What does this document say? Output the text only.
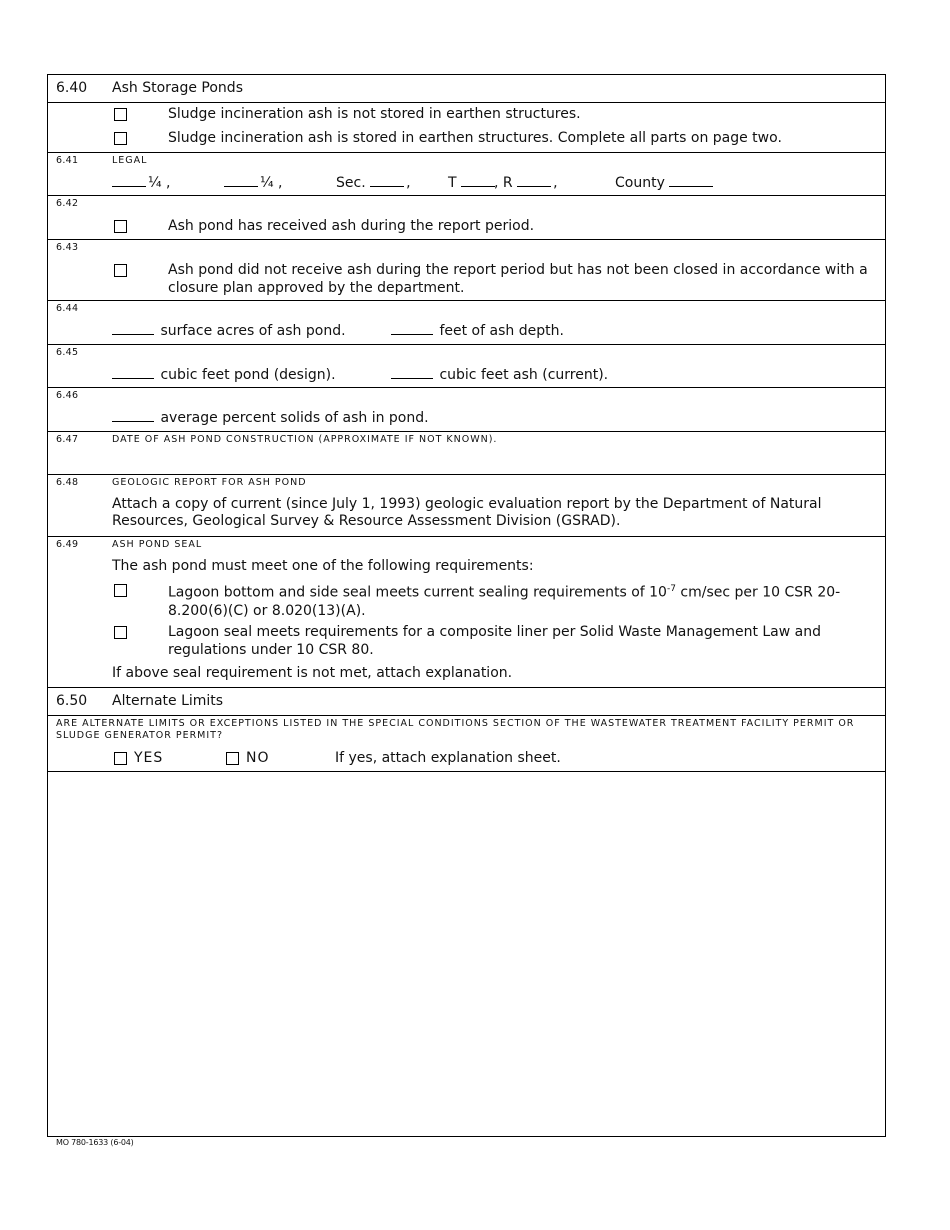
6.40 Ash Storage Ponds
Sludge incineration ash is not stored in earthen structures.
Sludge incineration ash is stored in earthen structures. Complete all parts on page two.
6.41	LEGAL
¼ ,	¼ ,	Sec.	,	T	, R	,	County
6.42
Ash pond has received ash during the report period.
6.43
Ash pond did not receive ash during the report period but has not been closed in accordance with a closure plan approved by the department.
6.44
surface acres of ash pond.	feet of ash depth.
6.45
cubic feet pond (design).	cubic feet ash (current).
6.46
average percent solids of ash in pond.
6.47	DATE OF ASH POND CONSTRUCTION (APPROXIMATE IF NOT KNOWN).
6.48	GEOLOGIC REPORT FOR ASH POND
Attach a copy of current (since July 1, 1993) geologic evaluation report by the Department of Natural Resources, Geological Survey & Resource Assessment Division (GSRAD).
6.49	ASH POND SEAL
The ash pond must meet one of the following requirements:
Lagoon bottom and side seal meets current sealing requirements of $10^{-7}$ cm/sec per 10 CSR 20-8.200(6)(C) or 8.020(13)(A).
Lagoon seal meets requirements for a composite liner per Solid Waste Management Law and regulations under 10 CSR 80.
If above seal requirement is not met, attach explanation.
6.50 Alternate Limits
ARE ALTERNATE LIMITS OR EXCEPTIONS LISTED IN THE SPECIAL CONDITIONS SECTION OF THE WASTEWATER TREATMENT FACILITY PERMIT OR SLUDGE GENERATOR PERMIT?
YES	NO	If yes, attach explanation sheet.
MO 780-1633 (6-04)
